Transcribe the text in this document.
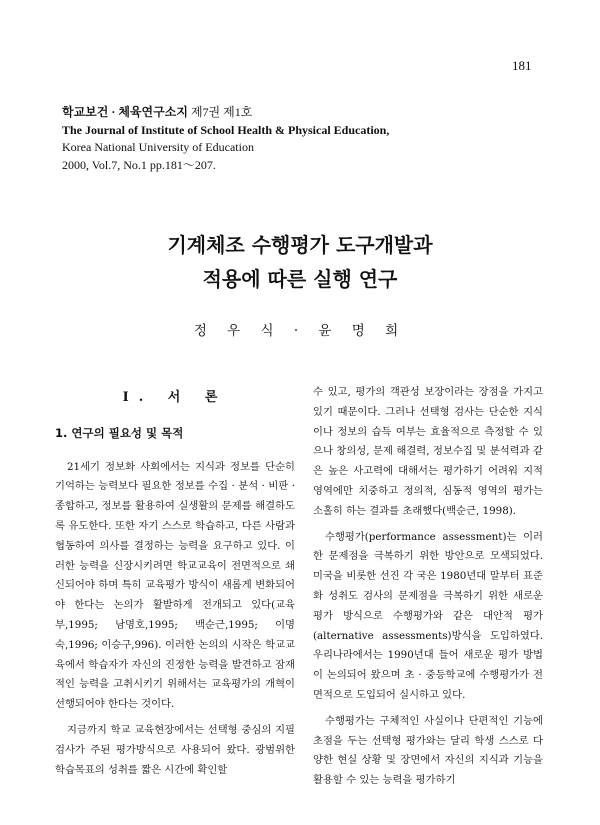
181
학교보건 · 체육연구소지 제7권 제1호
The Journal of Institute of School Health & Physical Education,
Korea National University of Education
2000, Vol.7, No.1 pp.181～207.
기계체조 수행평가 도구개발과
적용에 따른 실행 연구
정 우 식 · 윤 명 희
Ⅰ. 서 론
1. 연구의 필요성 및 목적

21세기 정보화 사회에서는 지식과 정보를 단순히 기억하는 능력보다 필요한 정보를 수집 · 분석 · 비판 · 종합하고, 정보를 활용하여 실생활의 문제를 해결하도록 유도한다. 또한 자기 스스로 학습하고, 다른 사람과 협동하여 의사를 결정하는 능력을 요구하고 있다. 이러한 능력을 신장시키려면 학교교육이 전면적으로 쇄신되어야 하며 특히 교육평가 방식이 새롭게 변화되어야 한다는 논의가 활발하게 전개되고 있다(교육부,1995; 남명호,1995; 백순근,1995; 이명숙,1996; 이승구,996). 이러한 논의의 시작은 학교교육에서 학습자가 자신의 진정한 능력을 발견하고 잠재적인 능력을 고취시키기 위해서는 교육평가의 개혁이 선행되어야 한다는 것이다.

지금까지 학교 교육현장에서는 선택형 중심의 지필 검사가 주된 평가방식으로 사용되어 왔다. 광범위한 학습목표의 성취를 짧은 시간에 확인할

수 있고, 평가의 객관성 보장이라는 장점을 가지고 있기 때문이다. 그러나 선택형 검사는 단순한 지식이나 정보의 습득 여부는 효율적으로 측정할 수 있으나 창의성, 문제 해결력, 정보수집 및 분석력과 같은 높은 사고력에 대해서는 평가하기 어려워 지적 영역에만 치중하고 정의적, 심동적 영역의 평가는 소홀히 하는 결과를 초래했다(백순근, 1998).

수행평가(performance assessment)는 이러한 문제점을 극복하기 위한 방안으로 모색되었다. 미국을 비롯한 선진 각 국은 1980년대 말부터 표준화 성취도 검사의 문제점을 극복하기 위한 새로운 평가 방식으로 수행평가와 같은 대안적 평가(alternative assessments)방식을 도입하였다. 우리나라에서는 1990년대 들어 새로운 평가 방법이 논의되어 왔으며 초 · 중등학교에 수행평가가 전면적으로 도입되어 실시하고 있다.

수행평가는 구체적인 사실이나 단편적인 기능에 초점을 두는 선택형 평가와는 달리 학생 스스로 다양한 현실 상황 및 장면에서 자신의 지식과 기능을 활용할 수 있는 능력을 평가하기
